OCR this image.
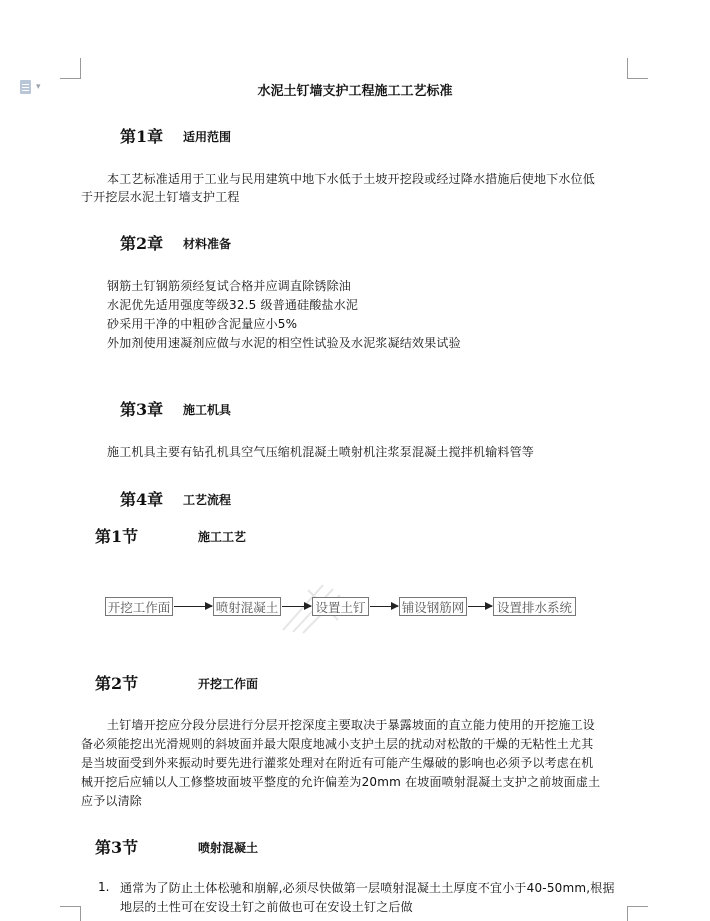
▾	水泥土钉墙支护工程施工工艺标准
第1章 适用范围
本工艺标准适用于工业与民用建筑中地下水低于土坡开挖段或经过降水措施后使地下水位低
于开挖层水泥土钉墙支护工程
第2章 材料准备
钢筋土钉钢筋须经复试合格并应调直除锈除油
水泥优先适用强度等级32.5 级普通硅酸盐水泥
砂采用干净的中粗砂含泥量应小5%
外加剂使用速凝剂应做与水泥的相空性试验及水泥浆凝结效果试验
第3章 施工机具
施工机具主要有钻孔机具空气压缩机混凝土喷射机注浆泵混凝土搅拌机输料管等
第4章 工艺流程
第1节	施工工艺
开挖工作面	喷射混凝土	设置土钉	铺设钢筋网	设置排水系统
第2节	开挖工作面
土钉墙开挖应分段分层进行分层开挖深度主要取决于暴露坡面的直立能力使用的开挖施工设
备必须能挖出光滑规则的斜坡面并最大限度地减小支护土层的扰动对松散的干燥的无粘性土尤其
是当坡面受到外来振动时要先进行灌浆处理对在附近有可能产生爆破的影响也必须予以考虑在机
械开挖后应辅以人工修整坡面坡平整度的允许偏差为20mm 在坡面喷射混凝土支护之前坡面虚土
应予以清除
第3节	喷射混凝土
1. 通常为了防止土体松驰和崩解,必须尽快做第一层喷射混凝土土厚度不宜小于40-50mm,根据
地层的土性可在安设土钉之前做也可在安设土钉之后做
